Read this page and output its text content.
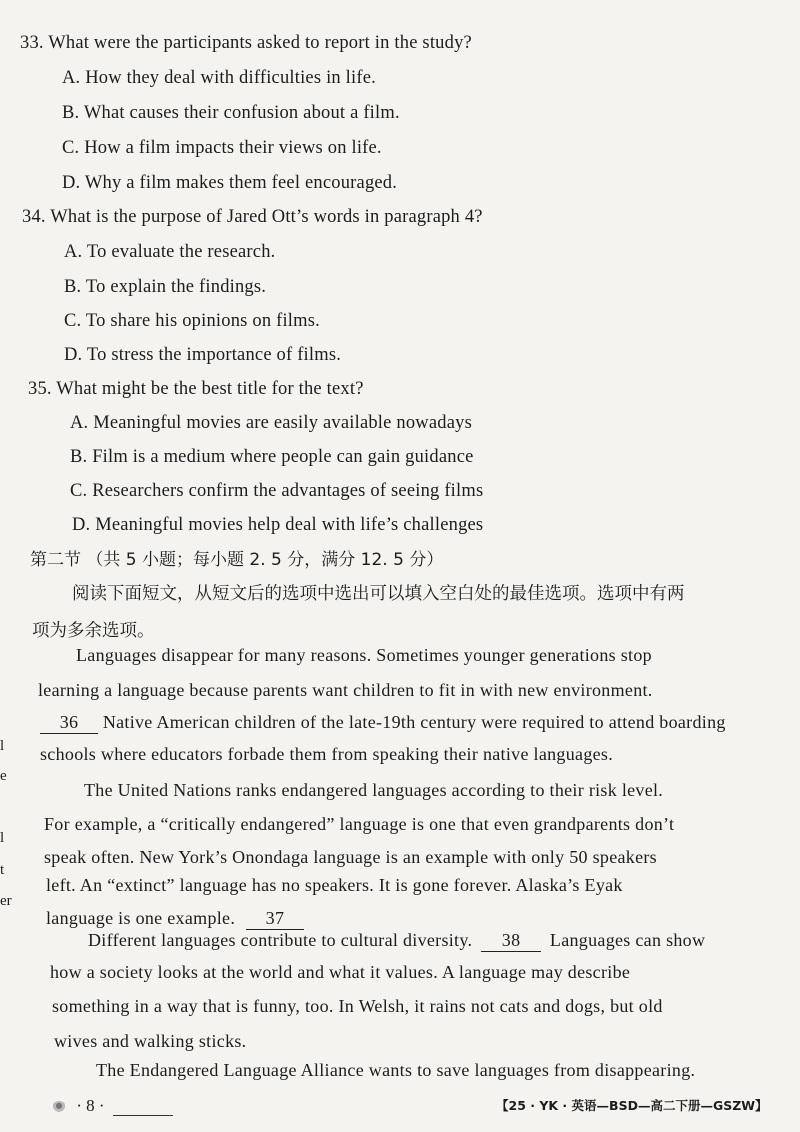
33. What were the participants asked to report in the study?
A. How they deal with difficulties in life.
B. What causes their confusion about a film.
C. How a film impacts their views on life.
D. Why a film makes them feel encouraged.
34. What is the purpose of Jared Ott’s words in paragraph 4?
A. To evaluate the research.
B. To explain the findings.
C. To share his opinions on films.
D. To stress the importance of films.
35. What might be the best title for the text?
A. Meaningful movies are easily available nowadays
B. Film is a medium where people can gain guidance
C. Researchers confirm the advantages of seeing films
D. Meaningful movies help deal with life’s challenges
第二节 （共 5 小题；每小题 2. 5 分，满分 12. 5 分）
阅读下面短文，从短文后的选项中选出可以填入空白处的最佳选项。选项中有两
项为多余选项。
Languages disappear for many reasons. Sometimes younger generations stop
learning a language because parents want children to fit in with new environment.
36 Native American children of the late-19th century were required to attend boarding
schools where educators forbade them from speaking their native languages.
The United Nations ranks endangered languages according to their risk level.
For example, a “critically endangered” language is one that even grandparents don’t
speak often. New York’s Onondaga language is an example with only 50 speakers
left. An “extinct” language has no speakers. It is gone forever. Alaska’s Eyak
language is one example. 37
Different languages contribute to cultural diversity. 38 Languages can show
how a society looks at the world and what it values. A language may describe
something in a way that is funny, too. In Welsh, it rains not cats and dogs, but old
wives and walking sticks.
The Endangered Language Alliance wants to save languages from disappearing.
l
e
l
t
er
· 8 ·	【25 · YK · 英语—BSD—高二下册—GSZW】
